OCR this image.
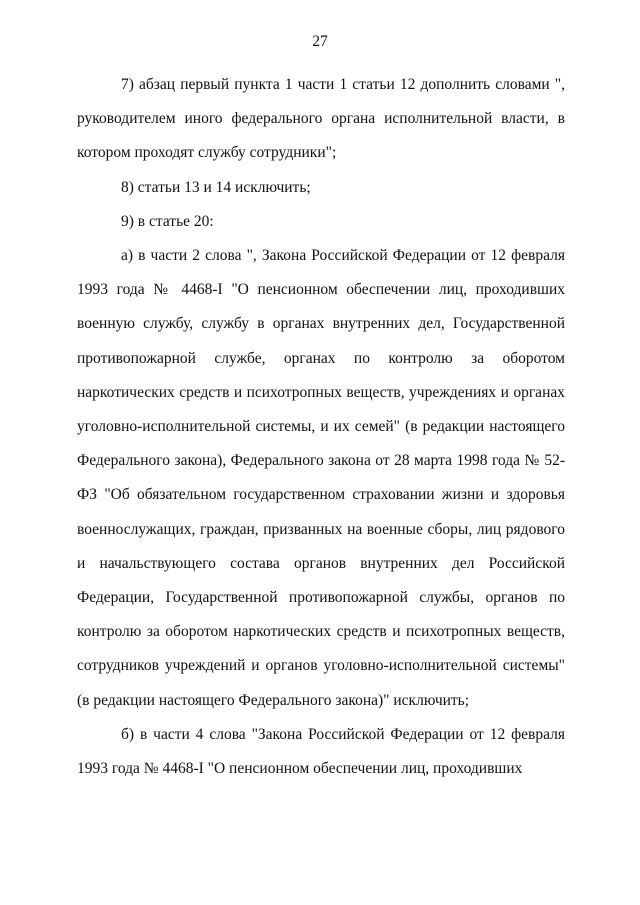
27

7) абзац первый пункта 1 части 1 статьи 12 дополнить словами ", руководителем иного федерального органа исполнительной власти, в котором проходят службу сотрудники";

8) статьи 13 и 14 исключить;

9) в статье 20:

а) в части 2 слова ", Закона Российской Федерации от 12 февраля 1993 года № 4468-I "О пенсионном обеспечении лиц, проходивших военную службу, службу в органах внутренних дел, Государственной противопожарной службе, органах по контролю за оборотом наркотических средств и психотропных веществ, учреждениях и органах уголовно-исполнительной системы, и их семей" (в редакции настоящего Федерального закона), Федерального закона от 28 марта 1998 года № 52-ФЗ "Об обязательном государственном страховании жизни и здоровья военнослужащих, граждан, призванных на военные сборы, лиц рядового и начальствующего состава органов внутренних дел Российской Федерации, Государственной противопожарной службы, органов по контролю за оборотом наркотических средств и психотропных веществ, сотрудников учреждений и органов уголовно-исполнительной системы" (в редакции настоящего Федерального закона)" исключить;

б) в части 4 слова "Закона Российской Федерации от 12 февраля 1993 года № 4468-I "О пенсионном обеспечении лиц, проходивших
